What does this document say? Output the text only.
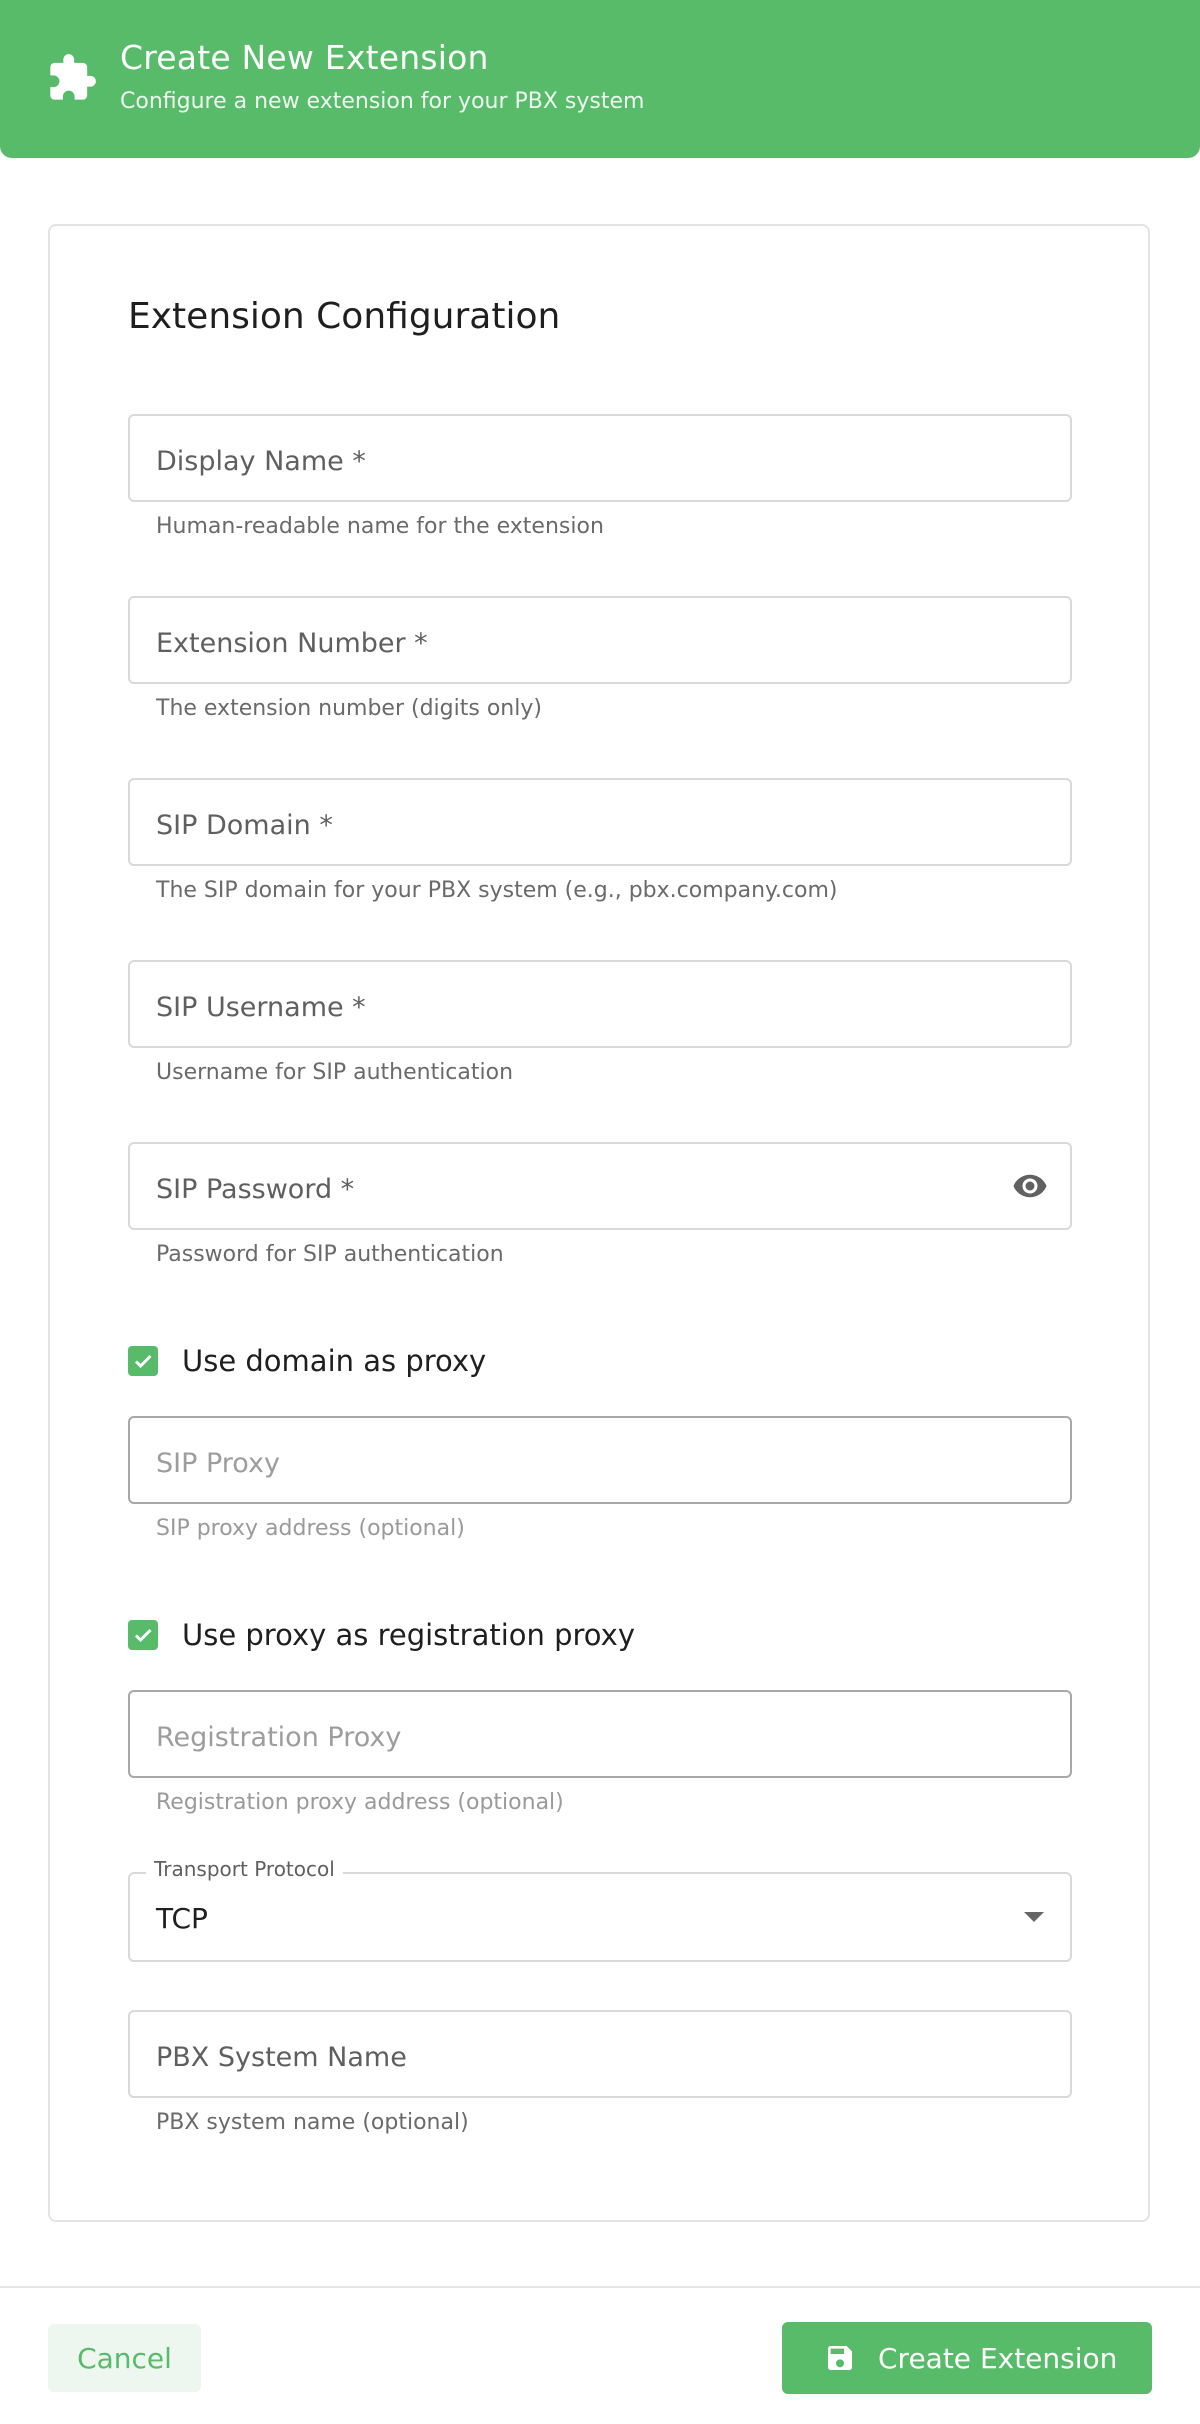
Create New Extension
Configure a new extension for your PBX system
Extension Configuration
Display Name *
Human-readable name for the extension
Extension Number *
The extension number (digits only)
SIP Domain *
The SIP domain for your PBX system (e.g., pbx.company.com)
SIP Username *
Username for SIP authentication
SIP Password *
Password for SIP authentication
Use domain as proxy
SIP Proxy
SIP proxy address (optional)
Use proxy as registration proxy
Registration Proxy
Registration proxy address (optional)
TCP
Transport Protocol
PBX System Name
PBX system name (optional)
Cancel	Create Extension
